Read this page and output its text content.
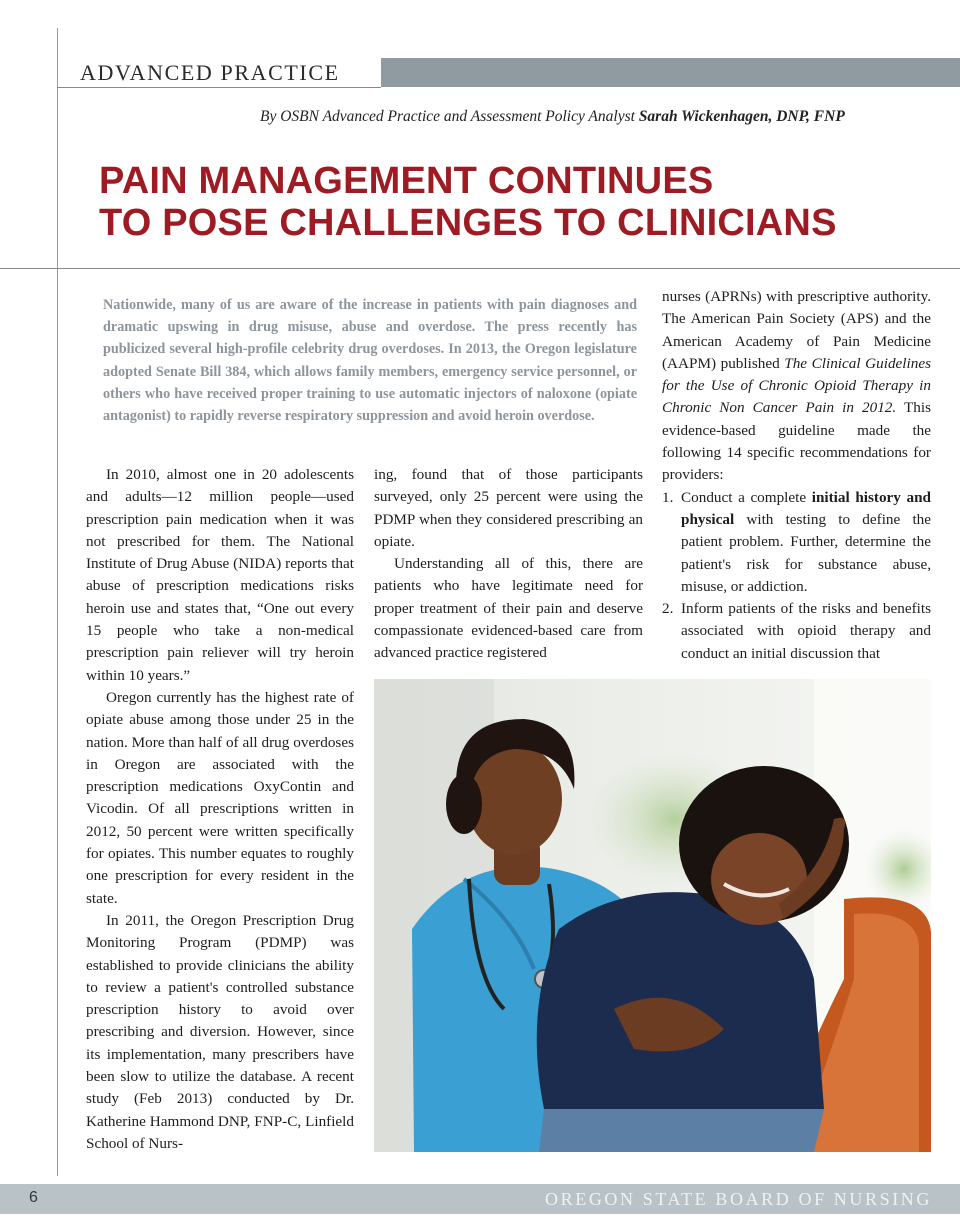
ADVANCED PRACTICE
By OSBN Advanced Practice and Assessment Policy Analyst Sarah Wickenhagen, DNP, FNP
PAIN MANAGEMENT CONTINUES
TO POSE CHALLENGES TO CLINICIANS

Nationwide, many of us are aware of the increase in patients with pain diagnoses and dramatic upswing in drug misuse, abuse and overdose. The press recently has publicized several high-profile celebrity drug overdoses. In 2013, the Oregon legislature adopted Senate Bill 384, which allows family members, emergency service personnel, or others who have received proper training to use automatic injectors of naloxone (opiate antagonist) to rapidly reverse respiratory suppression and avoid heroin overdose.

In 2010, almost one in 20 adolescents and adults—12 million people—used prescription pain medication when it was not prescribed for them. The National Institute of Drug Abuse (NIDA) reports that abuse of prescription medications risks heroin use and states that, “One out every 15 people who take a non-medical prescription pain reliever will try heroin within 10 years.”

Oregon currently has the highest rate of opiate abuse among those under 25 in the nation. More than half of all drug overdoses in Oregon are associated with the prescription medications OxyContin and Vicodin. Of all prescriptions written in 2012, 50 percent were written specifically for opiates. This number equates to roughly one prescription for every resident in the state.

In 2011, the Oregon Prescription Drug Monitoring Program (PDMP) was established to provide clinicians the ability to review a patient's controlled substance prescription history to avoid over prescribing and diversion. However, since its implementation, many prescribers have been slow to utilize the database. A recent study (Feb 2013) conducted by Dr. Katherine Hammond DNP, FNP-C, Linfield School of Nurs-

ing, found that of those participants surveyed, only 25 percent were using the PDMP when they considered prescribing an opiate.

Understanding all of this, there are patients who have legitimate need for proper treatment of their pain and deserve compassionate evidenced-based care from advanced practice registered

nurses (APRNs) with prescriptive authority. The American Pain Society (APS) and the American Academy of Pain Medicine (AAPM) published The Clinical Guidelines for the Use of Chronic Opioid Therapy in Chronic Non Cancer Pain in 2012. This evidence-based guideline made the following 14 specific recommendations for providers:

1. Conduct a complete initial history and physical with testing to define the patient problem. Further, determine the patient's risk for substance abuse, misuse, or addiction.
2. Inform patients of the risks and benefits associated with opioid therapy and conduct an initial discussion that
6	OREGON STATE BOARD OF NURSING
